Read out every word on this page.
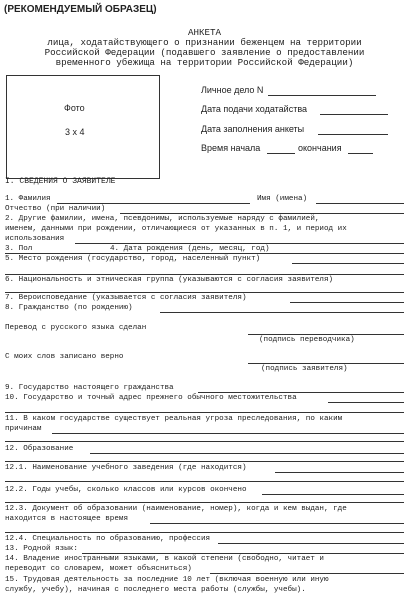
(РЕКОМЕНДУЕМЫЙ ОБРАЗЕЦ)
АНКЕТА
лица, ходатайствующего о признании беженцем на территории
Российской Федерации (подавшего заявление о предоставлении
временного убежища на территории Российской Федерации)
Фото
3 х 4
Личное дело N
Дата подачи ходатайства
Дата заполнения анкеты
Время начала	окончания
I. СВЕДЕНИЯ О ЗАЯВИТЕЛЕ
1. Фамилия	Имя (имена)
Отчество (при наличии)
2. Другие фамилии, имена, псевдонимы, используемые наряду с фамилией,
именем, данными при рождении, отличающиеся от указанных в п. 1, и период их
использования
3. Пол	4. Дата рождения (день, месяц, год)
5. Место рождения (государство, город, населенный пункт)
6. Национальность и этническая группа (указываются с согласия заявителя)
7. Вероисповедание (указывается с согласия заявителя)
8. Гражданство (по рождению)
Перевод с русского языка сделан
(подпись переводчика)
С моих слов записано верно
(подпись заявителя)
9. Государство настоящего гражданства
10. Государство и точный адрес прежнего обычного местожительства
11. В каком государстве существует реальная угроза преследования, по каким
причинам
12. Образование
12.1. Наименование учебного заведения (где находится)
12.2. Годы учебы, сколько классов или курсов окончено
12.3. Документ об образовании (наименование, номер), когда и кем выдан, где
находится в настоящее время
12.4. Специальность по образованию, профессия
13. Родной язык:
14. Владение иностранными языками, в какой степени (свободно, читает и
переводит со словарем, может объясниться)
15. Трудовая деятельность за последние 10 лет (включая военную или иную
службу, учебу), начиная с последнего места работы (службы, учебы).
